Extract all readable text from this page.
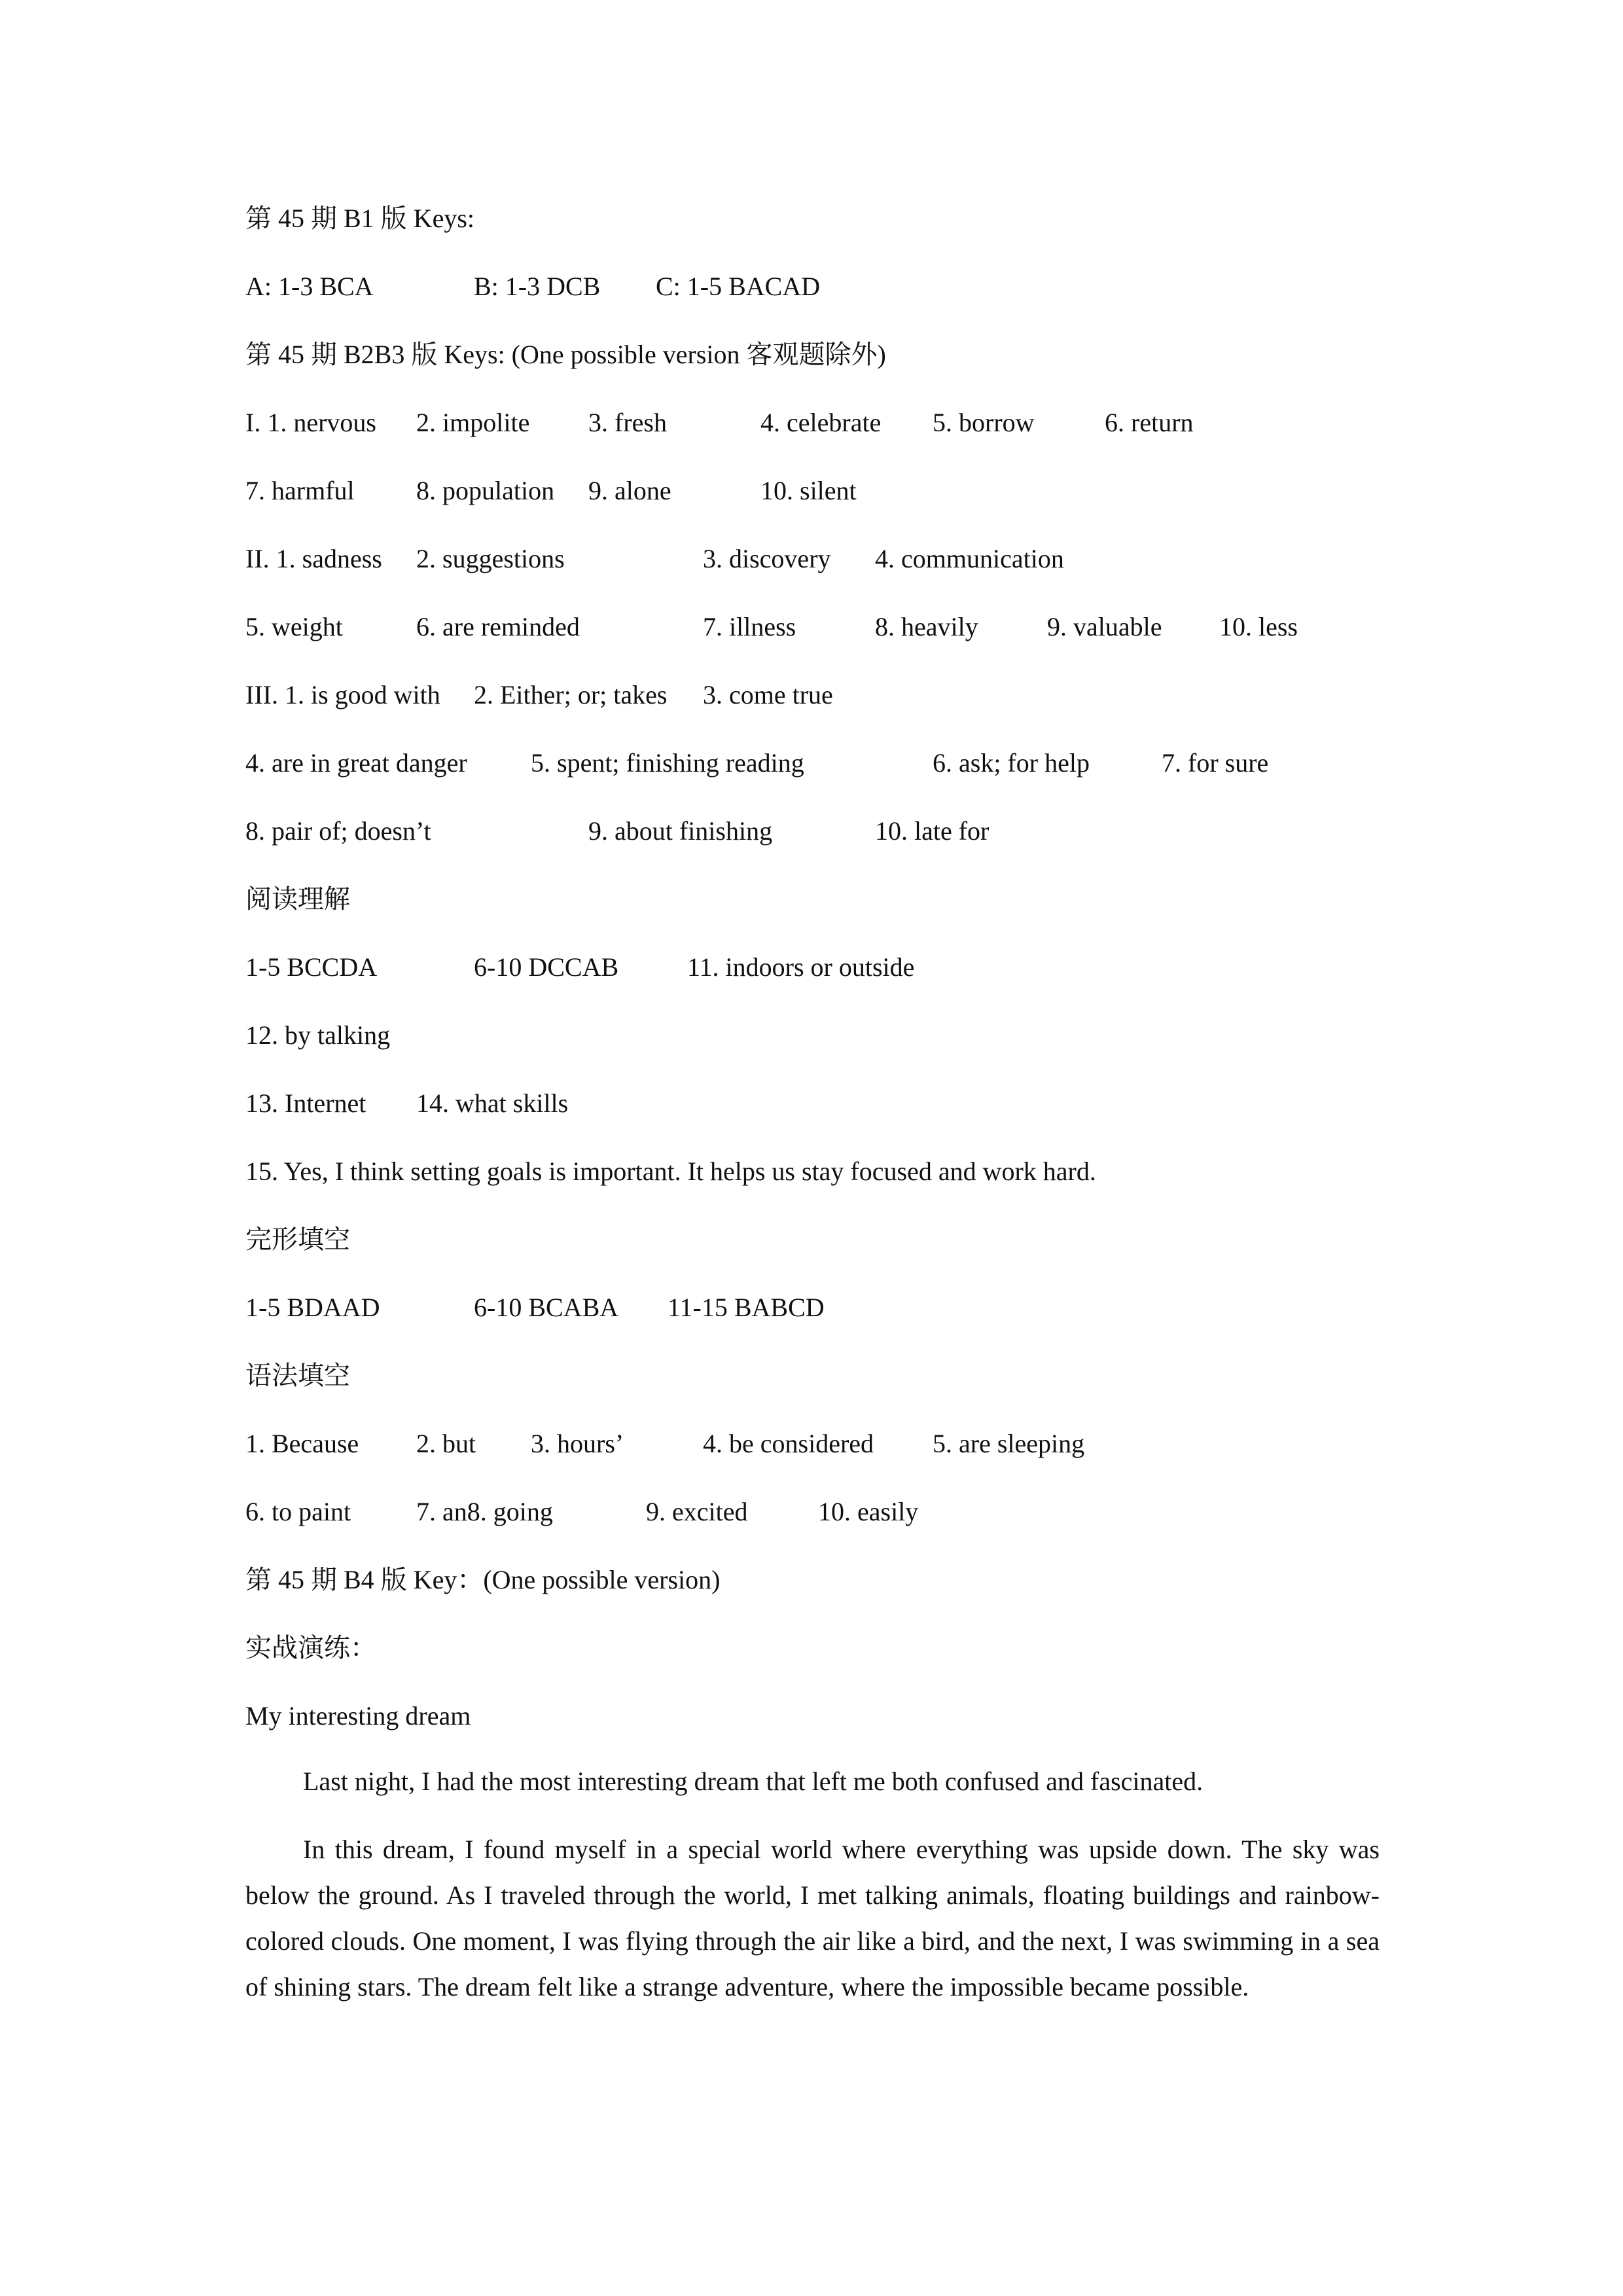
第 45 期 B1 版 Keys:
A: 1-3 BCA	B: 1-3 DCB C: 1-5 BACAD
第 45 期 B2B3 版 Keys: (One possible version 客观题除外)
I. 1. nervous 2. impolite 3. fresh	4. celebrate 5. borrow	6. return
7. harmful 8. population 9. alone	10. silent
II. 1. sadness 2. suggestions	3. discovery 4. communication
5. weight	6. are reminded	7. illness	8. heavily	9. valuable 10. less
III. 1. is good with 2. Either; or; takes 3. come true
4. are in great danger 5. spent; finishing reading	6. ask; for help	7. for sure
8. pair of; doesn’t	9. about finishing	10. late for
阅读理解
1-5 BCCDA	6-10 DCCAB	11. indoors or outside
12. by talking
13. Internet 14. what skills
15. Yes, I think setting goals is important. It helps us stay focused and work hard.
完形填空
1-5 BDAAD	6-10 BCABA 11-15 BABCD
语法填空
1. Because 2. but 3. hours’	4. be considered 5. are sleeping
6. to paint 7. an8. going	9. excited	10. easily
第 45 期 B4 版 Key：(One possible version)
实战演练：
My interesting dream
Last night, I had the most interesting dream that left me both confused and fascinated.
In this dream, I found myself in a special world where everything was upside down. The sky was below the ground. As I traveled through the world, I met talking animals, floating buildings and rainbow-colored clouds. One moment, I was flying through the air like a bird, and the next, I was swimming in a sea of shining stars. The dream felt like a strange adventure, where the impossible became possible.
